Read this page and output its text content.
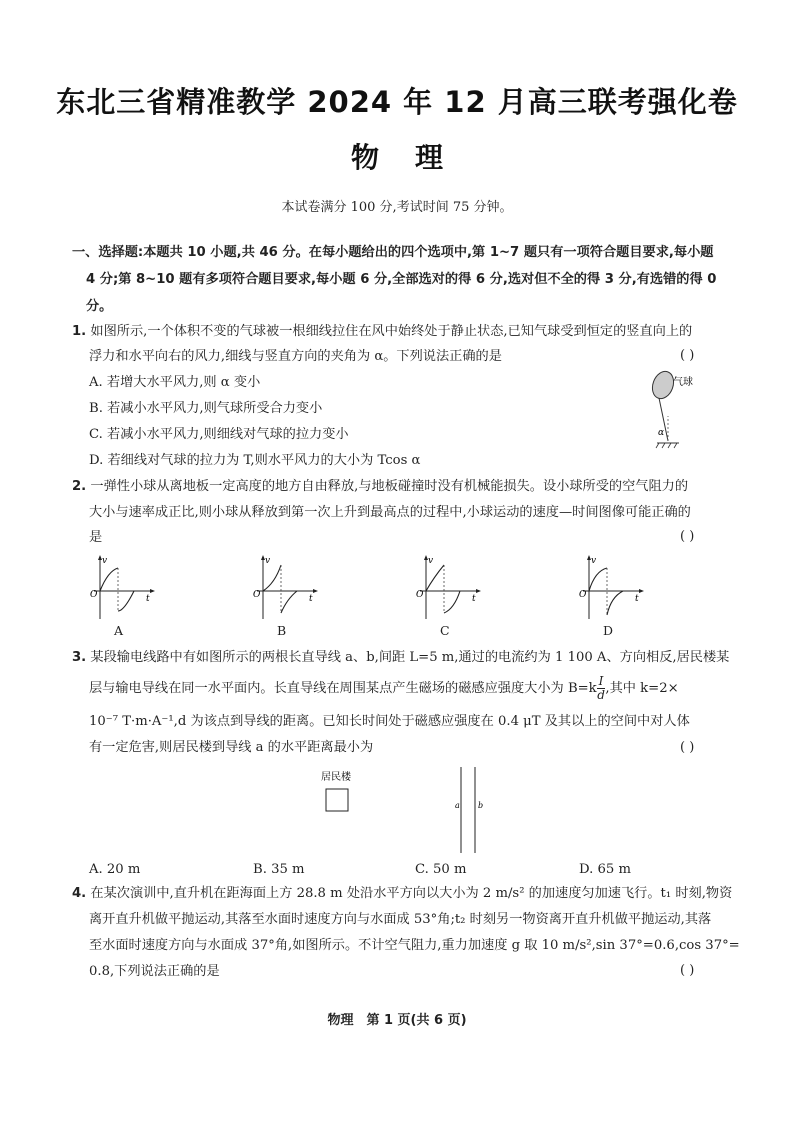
东北三省精准教学 2024 年 12 月高三联考强化卷
物理
本试卷满分 100 分,考试时间 75 分钟。
一、选择题:本题共 10 小题,共 46 分。在每小题给出的四个选项中,第 1~7 题只有一项符合题目要求,每小题
4 分;第 8~10 题有多项符合题目要求,每小题 6 分,全部选对的得 6 分,选对但不全的得 3 分,有选错的得 0
分。
1. 如图所示,一个体积不变的气球被一根细线拉住在风中始终处于静止状态,已知气球受到恒定的竖直向上的
浮力和水平向右的风力,细线与竖直方向的夹角为 α。下列说法正确的是	( )
A. 若增大水平风力,则 α 变小
B. 若减小水平风力,则气球所受合力变小
C. 若减小水平风力,则细线对气球的拉力变小
D. 若细线对气球的拉力为 T,则水平风力的大小为 Tcos α
气球
α
2. 一弹性小球从离地板一定高度的地方自由释放,与地板碰撞时没有机械能损失。设小球所受的空气阻力的
大小与速率成正比,则小球从释放到第一次上升到最高点的过程中,小球运动的速度—时间图像可能正确的
是	( )
v
t
O
A
v
t
O
B
v
t
O
C
v
t
O
D
3. 某段输电线路中有如图所示的两根长直导线 a、b,间距 L=5 m,通过的电流约为 1 100 A、方向相反,居民楼某
层与输电导线在同一水平面内。长直导线在周围某点产生磁场的磁感应强度大小为 $B=k \frac{I}{d}$ ,其中 k=2×
10⁻⁷ T·m·A⁻¹,d 为该点到导线的距离。已知长时间处于磁感应强度在 0.4 μT 及其以上的空间中对人体
有一定危害,则居民楼到导线 a 的水平距离最小为	( )
居民楼
a b
A. 20 m	B. 35 m	C. 50 m	D. 65 m
4. 在某次演训中,直升机在距海面上方 28.8 m 处沿水平方向以大小为 2 m/s² 的加速度匀加速飞行。t₁ 时刻,物资
离开直升机做平抛运动,其落至水面时速度方向与水面成 53°角;t₂ 时刻另一物资离开直升机做平抛运动,其落
至水面时速度方向与水面成 37°角,如图所示。不计空气阻力,重力加速度 g 取 10 m/s²,sin 37°=0.6,cos 37°=
0.8,下列说法正确的是	( )
物理　第 1 页(共 6 页)
